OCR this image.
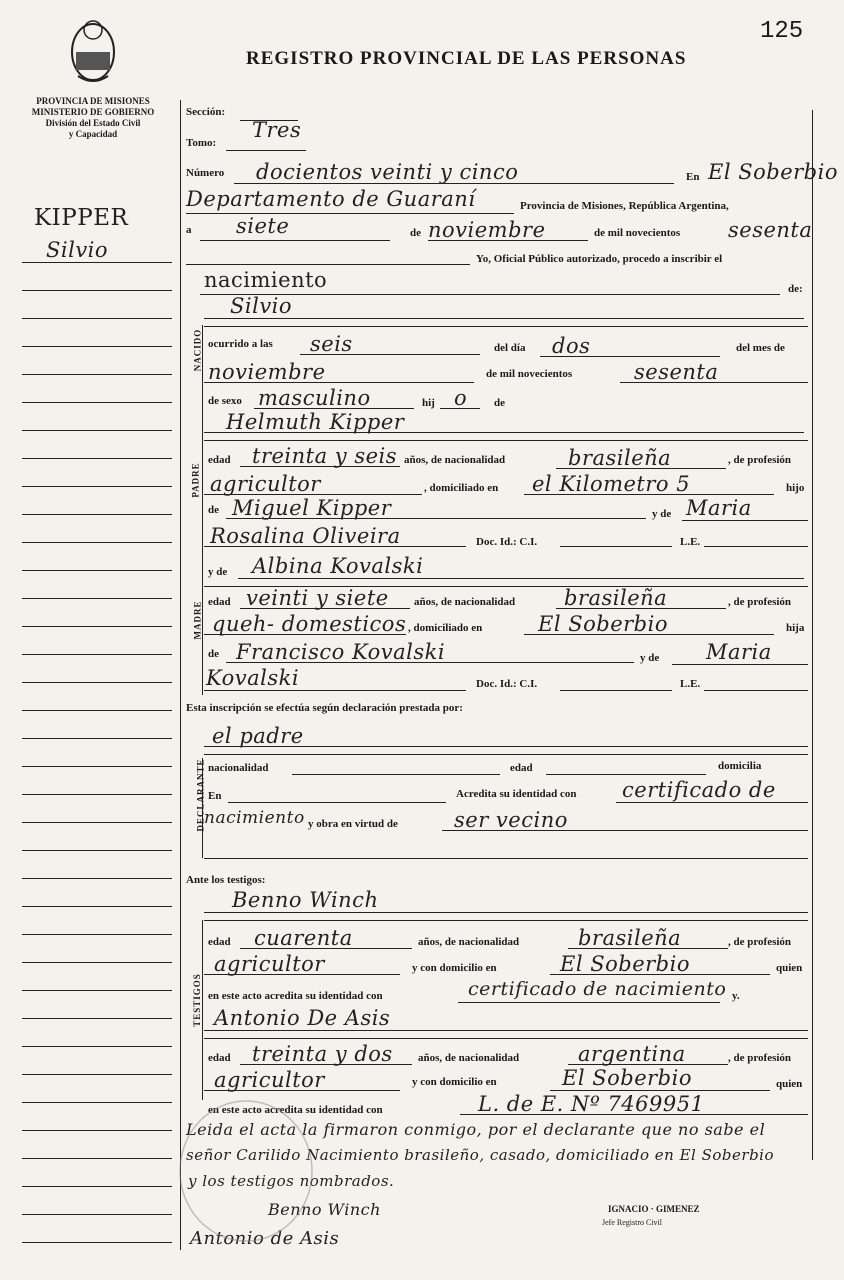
PROVINCIA DE MISIONES
MINISTERIO DE GOBIERNO
División del Estado Civil
y Capacidad
REGISTRO PROVINCIAL DE LAS PERSONAS
125
KIPPER
Silvio
NACIDO
PADRE
MADRE
DECLARANTE
TESTIGOS
Sección:
Tomo:
Tres
Número docientos veinti y cinco	En El Soberbio
Departamento de Guaraní	Provincia de Misiones, República Argentina,
a siete	de noviembre	de mil novecientos sesenta
Yo, Oficial Público autorizado, procedo a inscribir el
nacimiento	de:
Silvio
ocurrido a las seis	del día dos	del mes de
noviembre	de mil novecientos	sesenta
de sexo masculino	hij o de
Helmuth Kipper
edad treinta y seis años, de nacionalidad	brasileña	, de profesión
agricultor	, domiciliado en el Kilometro 5	hijo
de Miguel Kipper	y de Maria
Rosalina Oliveira	Doc. Id.: C.I.	L.E.
y de Albina Kovalski
edad veinti y siete años, de nacionalidad brasileña	, de profesión
queh- domesticos , domiciliado en	El Soberbio	hija
de Francisco Kovalski	y de Maria
Kovalski	Doc. Id.: C.I.	L.E.
Esta inscripción se efectúa según declaración prestada por:
el padre
nacionalidad	edad	domicilia
En	Acredita su identidad con certificado de
nacimiento y obra en virtud de	ser vecino
Ante los testigos:
Benno Winch
edad cuarenta	años, de nacionalidad	brasileña	, de profesión
agricultor	y con domicilio en	El Soberbio	quien
en este acto acredita su identidad con	certificado de nacimiento y.
Antonio De Asis
edad treinta y dos años, de nacionalidad	argentina	, de profesión
agricultor	y con domicilio en	El Soberbio	quien
en este acto acredita su identidad con	L. de E. Nº 7469951
Leida el acta la firmaron conmigo, por el declarante que no sabe el
señor Carilido Nacimiento brasileño, casado, domiciliado en El Soberbio
y los testigos nombrados.
Benno Winch	IGNACIO · GIMENEZ
Jefe Registro Civil
Antonio de Asis
